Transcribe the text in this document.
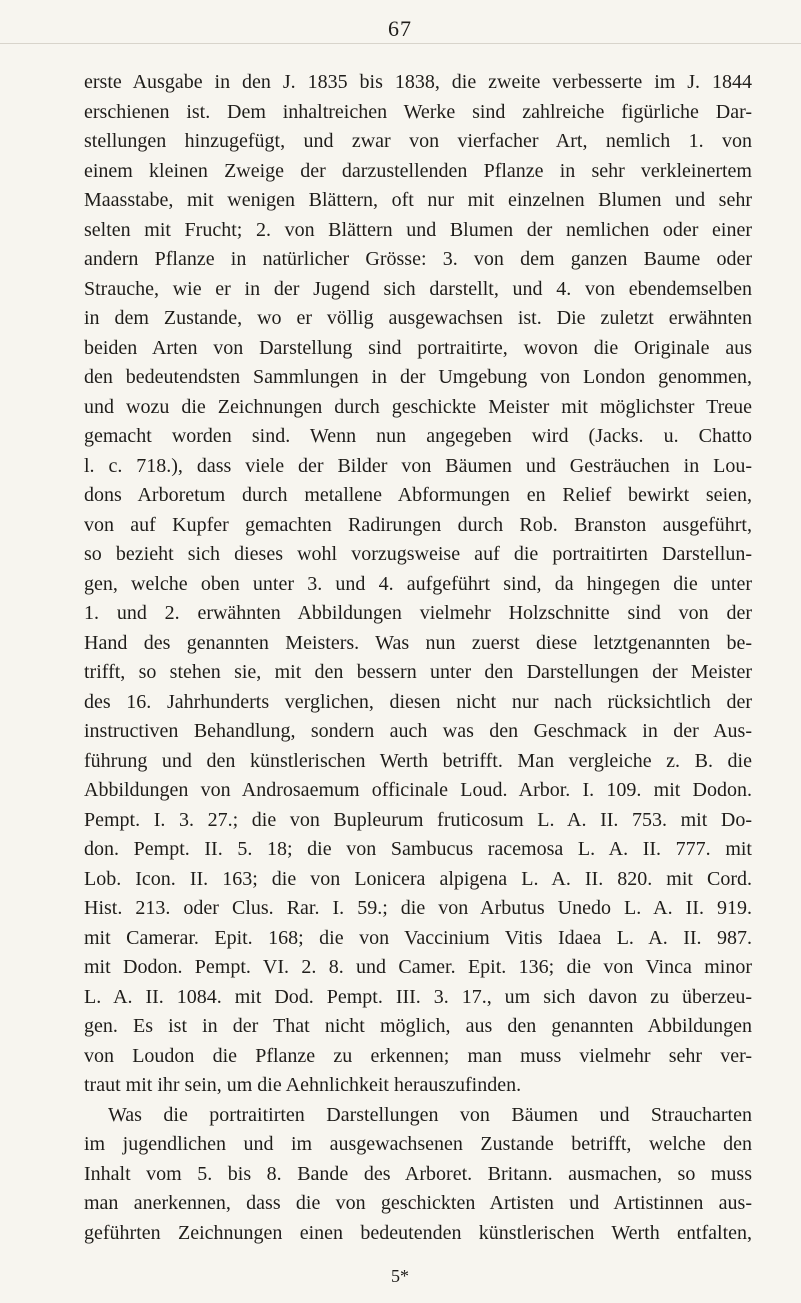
67
erste Ausgabe in den J. 1835 bis 1838, die zweite verbesserte im J. 1844
erschienen ist. Dem inhaltreichen Werke sind zahlreiche figürliche Dar-
stellungen hinzugefügt, und zwar von vierfacher Art, nemlich 1. von
einem kleinen Zweige der darzustellenden Pflanze in sehr verkleinertem
Maasstabe, mit wenigen Blättern, oft nur mit einzelnen Blumen und sehr
selten mit Frucht; 2. von Blättern und Blumen der nemlichen oder einer
andern Pflanze in natürlicher Grösse: 3. von dem ganzen Baume oder
Strauche, wie er in der Jugend sich darstellt, und 4. von ebendemselben
in dem Zustande, wo er völlig ausgewachsen ist. Die zuletzt erwähnten
beiden Arten von Darstellung sind portraitirte, wovon die Originale aus
den bedeutendsten Sammlungen in der Umgebung von London genommen,
und wozu die Zeichnungen durch geschickte Meister mit möglichster Treue
gemacht worden sind. Wenn nun angegeben wird (Jacks. u. Chatto
l. c. 718.), dass viele der Bilder von Bäumen und Gesträuchen in Lou-
dons Arboretum durch metallene Abformungen en Relief bewirkt seien,
von auf Kupfer gemachten Radirungen durch Rob. Branston ausgeführt,
so bezieht sich dieses wohl vorzugsweise auf die portraitirten Darstellun-
gen, welche oben unter 3. und 4. aufgeführt sind, da hingegen die unter
1. und 2. erwähnten Abbildungen vielmehr Holzschnitte sind von der
Hand des genannten Meisters. Was nun zuerst diese letztgenannten be-
trifft, so stehen sie, mit den bessern unter den Darstellungen der Meister
des 16. Jahrhunderts verglichen, diesen nicht nur nach rücksichtlich der
instructiven Behandlung, sondern auch was den Geschmack in der Aus-
führung und den künstlerischen Werth betrifft. Man vergleiche z. B. die
Abbildungen von Androsaemum officinale Loud. Arbor. I. 109. mit Dodon.
Pempt. I. 3. 27.; die von Bupleurum fruticosum L. A. II. 753. mit Do-
don. Pempt. II. 5. 18; die von Sambucus racemosa L. A. II. 777. mit
Lob. Icon. II. 163; die von Lonicera alpigena L. A. II. 820. mit Cord.
Hist. 213. oder Clus. Rar. I. 59.; die von Arbutus Unedo L. A. II. 919.
mit Camerar. Epit. 168; die von Vaccinium Vitis Idaea L. A. II. 987.
mit Dodon. Pempt. VI. 2. 8. und Camer. Epit. 136; die von Vinca minor
L. A. II. 1084. mit Dod. Pempt. III. 3. 17., um sich davon zu überzeu-
gen. Es ist in der That nicht möglich, aus den genannten Abbildungen
von Loudon die Pflanze zu erkennen; man muss vielmehr sehr ver-
traut mit ihr sein, um die Aehnlichkeit herauszufinden.
Was die portraitirten Darstellungen von Bäumen und Straucharten
im jugendlichen und im ausgewachsenen Zustande betrifft, welche den
Inhalt vom 5. bis 8. Bande des Arboret. Britann. ausmachen, so muss
man anerkennen, dass die von geschickten Artisten und Artistinnen aus-
geführten Zeichnungen einen bedeutenden künstlerischen Werth entfalten,
5*
